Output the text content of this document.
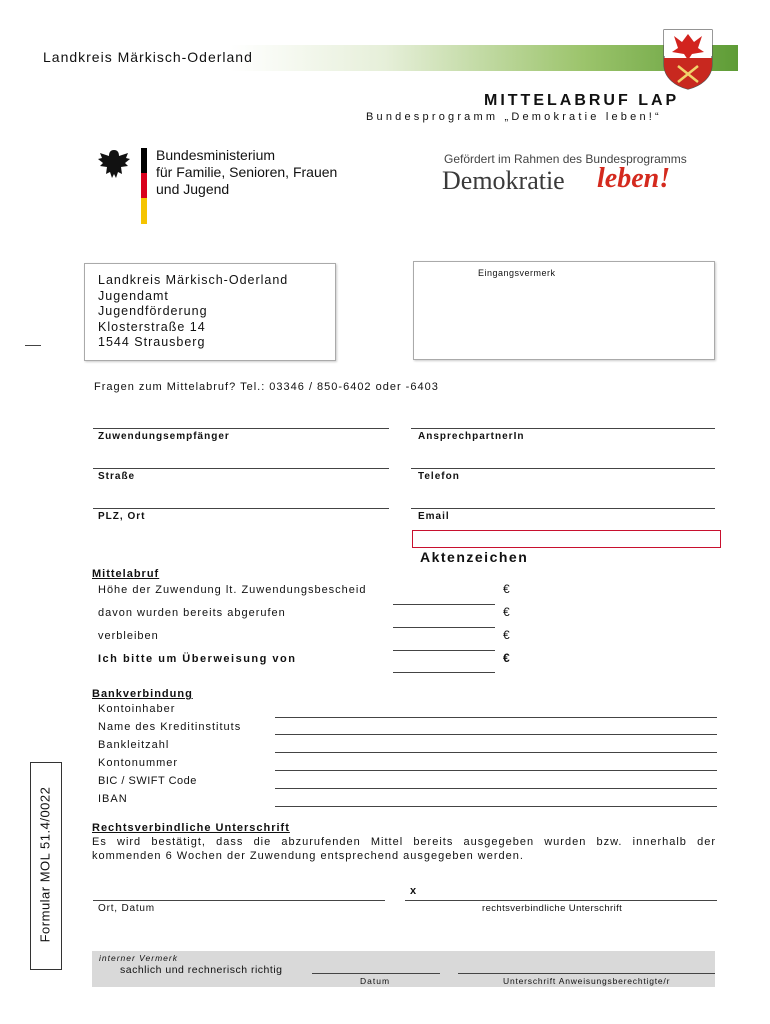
Landkreis Märkisch-Oderland
MITTELABRUF LAP
Bundesprogramm „Demokratie leben!“
Bundesministerium
für Familie, Senioren, Frauen
und Jugend
Gefördert im Rahmen des Bundesprogramms
Demokratie leben!
Landkreis Märkisch-Oderland
Jugendamt
Jugendförderung
Klosterstraße 14
1544 Strausberg
Eingangsvermerk
Fragen zum Mittelabruf? Tel.: 03346 / 850-6402 oder -6403
Zuwendungsempfänger	AnsprechpartnerIn
Straße	Telefon
PLZ, Ort	Email
Aktenzeichen
Mittelabruf
Höhe der Zuwendung lt. Zuwendungsbescheid	€
davon wurden bereits abgerufen	€
verbleiben	€
Ich bitte um Überweisung von	€
Bankverbindung
Kontoinhaber
Name des Kreditinstituts
Bankleitzahl
Kontonummer
BIC / SWIFT Code
IBAN
Formular MOL 51.4/0022	Rechtsverbindliche Unterschrift
Es wird bestätigt, dass die abzurufenden Mittel bereits ausgegeben wurden bzw. innerhalb der kommenden 6 Wochen der Zuwendung entsprechend ausgegeben werden.
x
Ort, Datum	rechtsverbindliche Unterschrift
interner Vermerk
sachlich und rechnerisch richtig
Datum	Unterschrift Anweisungsberechtigte/r
